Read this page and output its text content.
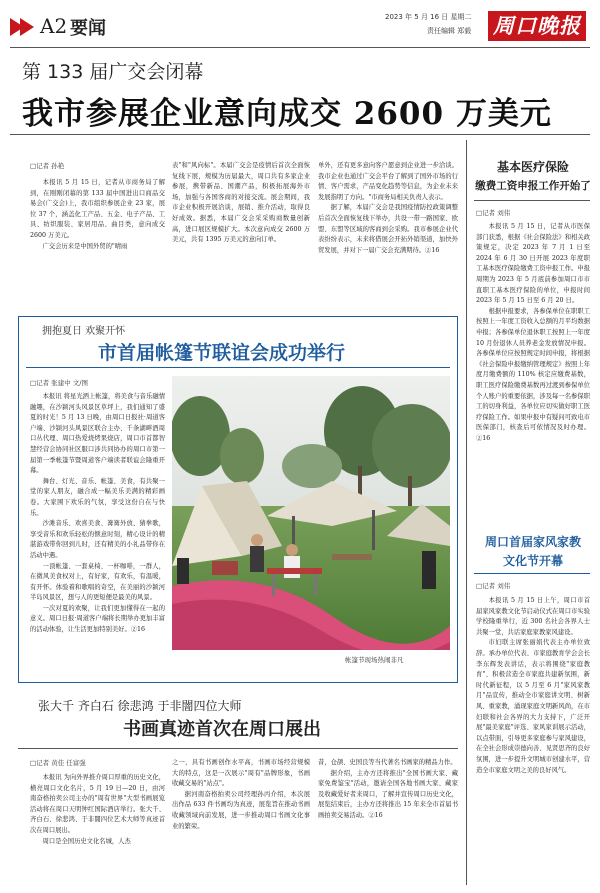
A2 要闻
2023 年 5 月 16 日 星期二
责任编辑 郑毅 周口晚报
第 133 届广交会闭幕
我市参展企业意向成交 2600 万美元
□记者 孙艳

本报讯 5 月 15 日，记者从市商务局了解到，在刚刚闭幕的第 133 届中国进出口商品交易会(广交会)上，我市组织参展企业 23 家，展位 37 个，涵盖化工产品、五金、电子产品、工具、纺织服装、家居用品、曲目类，意向成交 2600 万美元。

广交会历来是中国外贸的"晴雨

表"和"风向标"。本届广交会是疫情后首次全面恢复线下展，规模为历届最大，周口共有多家企业参展，携带新品、国潮产品，积极拓展海外市场，加强与各国客商的对接交流。展会期间，我市企业积极开展洽谈，展销、推介活动，取得良好成效。据悉，本届广交会采采购商数量创新高，进口展区规模扩大。本次意向成交 2600 万美元，共有 1395 万美元的意向订单。

单外，还有更多意向客户愿意到企业进一步洽谈。我市企业也通过广交会平台了解到了国外市场的行情、客户需求，产品变化趋势等信息，为企业未来发展指明了方向。"市商务局相关负责人表示。

据了解，本届广交会是我国疫情防控政策调整后首次全面恢复线下举办，共设一带一路国家、欧盟、东盟等区域的客商到会采购。我市参展企业代表纷纷表示，未来将借展会开拓外销渠道，加快外贸发展，并对下一届广交会充满期待。②16

拥抱夏日 欢聚开怀
市首届帐篷节联谊会成功举行
□记者 张建中 文/图

本报讯 将星光洒上帐篷，将美食与音乐融情融趣，在沙颍河头风景区草坪上，我们通知了盛夏的时光！5 月 13 日晚，由周口日报社·周道客户端、沙颍河头风景区联合主办、千条湖畔酒周口丛代理、周口热爱烧烤果烧店，周口市首都智慧经营会协同社区服口涉共同协办的周口市第一届第一季帐篷节暨周道客户端读者联谊会隆重开幕。

舞台、灯光、音乐、帐篷、美食，有共聚一堂的家人朋友，融合成一幅美乐美满的精彩画卷。大家围下欢乐的气氛，享受这份自在与快乐。

沙滩音乐、欢喜美食、篝篝外放、猜拳歌，享受音乐和欢乐轻松的惬意时刻，精心设计的精湛游戏带你回到儿时，还有精美的小礼品带你在活动中遇。

一顶帐篷、一套桌椅、一杯咖啡，一群人，在微风美食权对上，有好家，有欢乐，有温暖，有开怀。体验着和歌唱的奇空，在美丽的沙颍河半岛风景区，想与人的更短便是最美的风景。

一次对夏的欢聚，让我们更加懂得在一起的意义。周口日报·周道客户端将长期举办更加丰富的活动体验，让生活更加特别美好。②16

帐篷节现场热闹非凡
张大千 齐白石 徐悲鸿 于非闇四位大师
书画真迹首次在周口展出
□记者 黄佳 任富强

本报讯 为向外界推介周口厚重的历史文化，横亮周口文化名片，5 月 19 日—20 日，由河南奋格拍卖公司主办的"周有世界"大型书画展览活动将在周口天明钟红国际酒店举行。张大千、齐白石、徐悲鸿、于非闇四位艺术大师等真迹首次在周口展出。

周口是全国历史文化名城，人杰

之一，具有书画创作水平高，书画市场经营规模大的特点，这是一次展示"周有"品牌形象，书画收藏交易的"站点"。

据河南奋格拍卖公司经理孙丙介绍，本次展出作品 633 件书画均为真迹，展览旨在推动书画收藏领域向前发展，进一步推动周口书画文化事业的繁荣。

昔，仓颉、史国良等当代著名书画家的精品力作。

据介绍，主办方还将推出"全国书画大家、藏家免费鉴宝"活动，邀请全国各地书画大家、藏家及收藏爱好者来周口，了解并宣传周口历史文化，展览结束后，主办方还将推出 15 年来全市首届书画拍卖交易活动。②16

基本医疗保险
缴费工资申报工作开始了
□记者 刘伟

本报讯 5 月 15 日，记者从市医保部门获悉，根据《社会保险法》和相关政策规定，决定 2023 年 7 月 1 日至 2024 年 6 月 30 日开展 2023 年度职工基本医疗保险缴费工资申报工作。申报周期为 2023 年 5 月底前参加周口市市直职工基本医疗保险的单位，申报时间 2023 年 5 月 15 日至 6 月 20 日。

根据申报要求，各参保单位在职职工按照上一年度工资收入总额的月平均数据申报；各参保单位退休职工按照上一年度 10 月份退休人员养老金发放情况申报。各参保单位应按照规定时间申报，将根据《社会保险申报缴纳管理规定》按照上年度月缴费额的 110% 核定应缴费基数，职工医疗保险缴费基数再过渡到参保单位个人账户的重要依据，涉及每一名参保职工的切身利益，各单位应切实做好职工医疗保险工作。如果申报中有疑问可致电市医保部门，核查后可依情况及时办理。②16

周口首届家风家教
文化节开幕
□记者 刘伟

本报讯 5 月 15 日上午，周口市首届家风家教文化节启动仪式在周口市实验学校隆重举行，近 300 名社会各界人士共聚一堂，共话家庭家教家风建设。

市妇联主席张丽娟代表主办单位致辞。承办单位代表、市家庭教育学会会长李东辉发表讲话，表示将围绕"家庭教育"、积极营造全市家庭共建新氛围，新时代新征程，以 5 月至 6 月"家风家教月"品宣传，推动全市家庭讲文明、树新风、重家教，涌现家庭文明新风尚，在市妇联和社会各界的大力支持下，广泛开展"最美家庭"评选、家风家训展示活动，以点带面，引导更多家庭参与家风建设，在全社会形成崇德向善、见贤思齐的良好氛围，进一步提升文明城市创建水平，营造全市家庭文明之美的良好风气。
